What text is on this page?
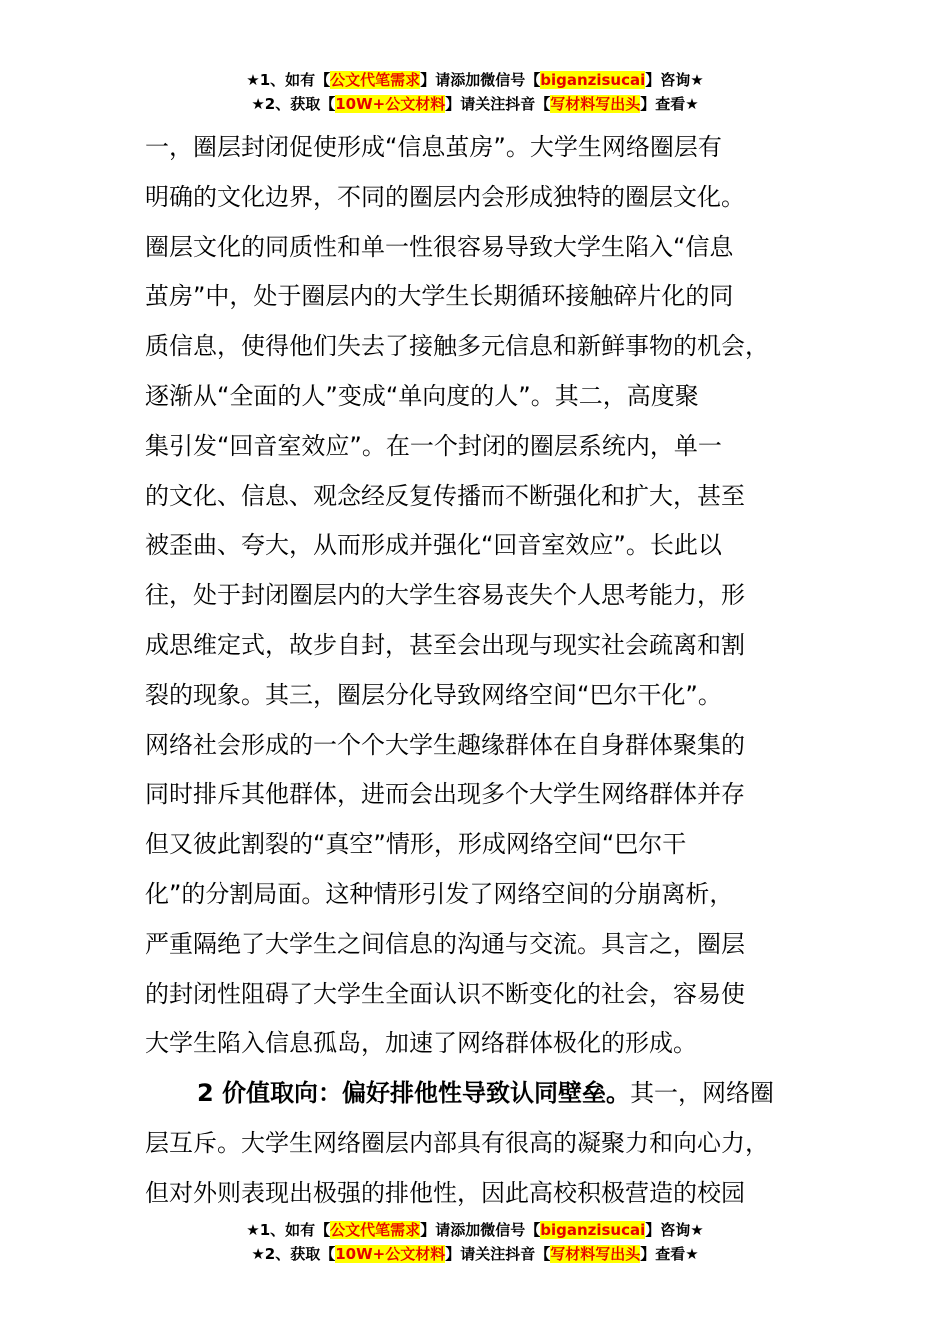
★1、如有【公文代笔需求】请添加微信号【biganzisucai】咨询★
★2、获取【10W+公文材料】请关注抖音【写材料写出头】查看★
一，圈层封闭促使形成“信息茧房”。大学生网络圈层有
明确的文化边界，不同的圈层内会形成独特的圈层文化。
圈层文化的同质性和单一性很容易导致大学生陷入“信息
茧房”中，处于圈层内的大学生长期循环接触碎片化的同
质信息，使得他们失去了接触多元信息和新鲜事物的机会，
逐渐从“全面的人”变成“单向度的人”。其二，高度聚
集引发“回音室效应”。在一个封闭的圈层系统内，单一
的文化、信息、观念经反复传播而不断强化和扩大，甚至
被歪曲、夸大，从而形成并强化“回音室效应”。长此以
往，处于封闭圈层内的大学生容易丧失个人思考能力，形
成思维定式，故步自封，甚至会出现与现实社会疏离和割
裂的现象。其三，圈层分化导致网络空间“巴尔干化”。
网络社会形成的一个个大学生趣缘群体在自身群体聚集的
同时排斥其他群体，进而会出现多个大学生网络群体并存
但又彼此割裂的“真空”情形，形成网络空间“巴尔干
化”的分割局面。这种情形引发了网络空间的分崩离析，
严重隔绝了大学生之间信息的沟通与交流。具言之，圈层
的封闭性阻碍了大学生全面认识不断变化的社会，容易使
大学生陷入信息孤岛，加速了网络群体极化的形成。
2 价值取向：偏好排他性导致认同壁垒。其一，网络圈
层互斥。大学生网络圈层内部具有很高的凝聚力和向心力，
但对外则表现出极强的排他性，因此高校积极营造的校园
★1、如有【公文代笔需求】请添加微信号【biganzisucai】咨询★
★2、获取【10W+公文材料】请关注抖音【写材料写出头】查看★
